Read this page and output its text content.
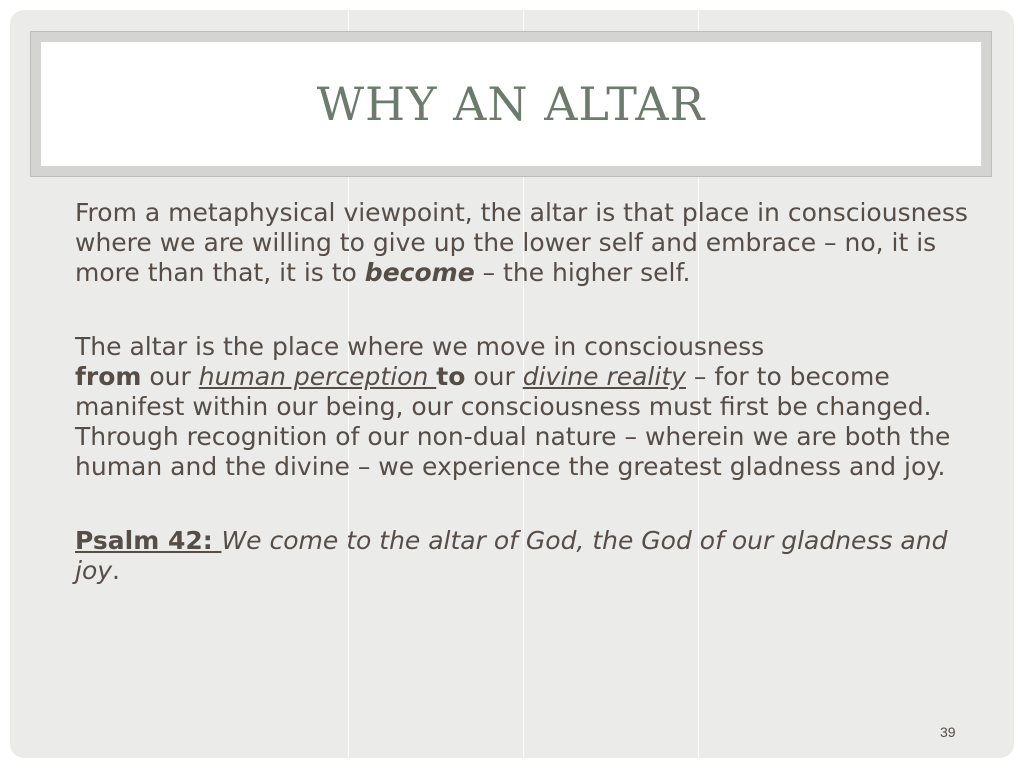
WHY AN ALTAR

From a metaphysical viewpoint, the altar is that place in consciousness where we are willing to give up the lower self and embrace – no, it is more than that, it is to become – the higher self.

The altar is the place where we move in consciousness
from our human perception to our divine reality – for to become manifest within our being, our consciousness must first be changed. Through recognition of our non-dual nature – wherein we are both the human and the divine – we experience the greatest gladness and joy.

Psalm 42: We come to the altar of God, the God of our gladness and joy.

39
